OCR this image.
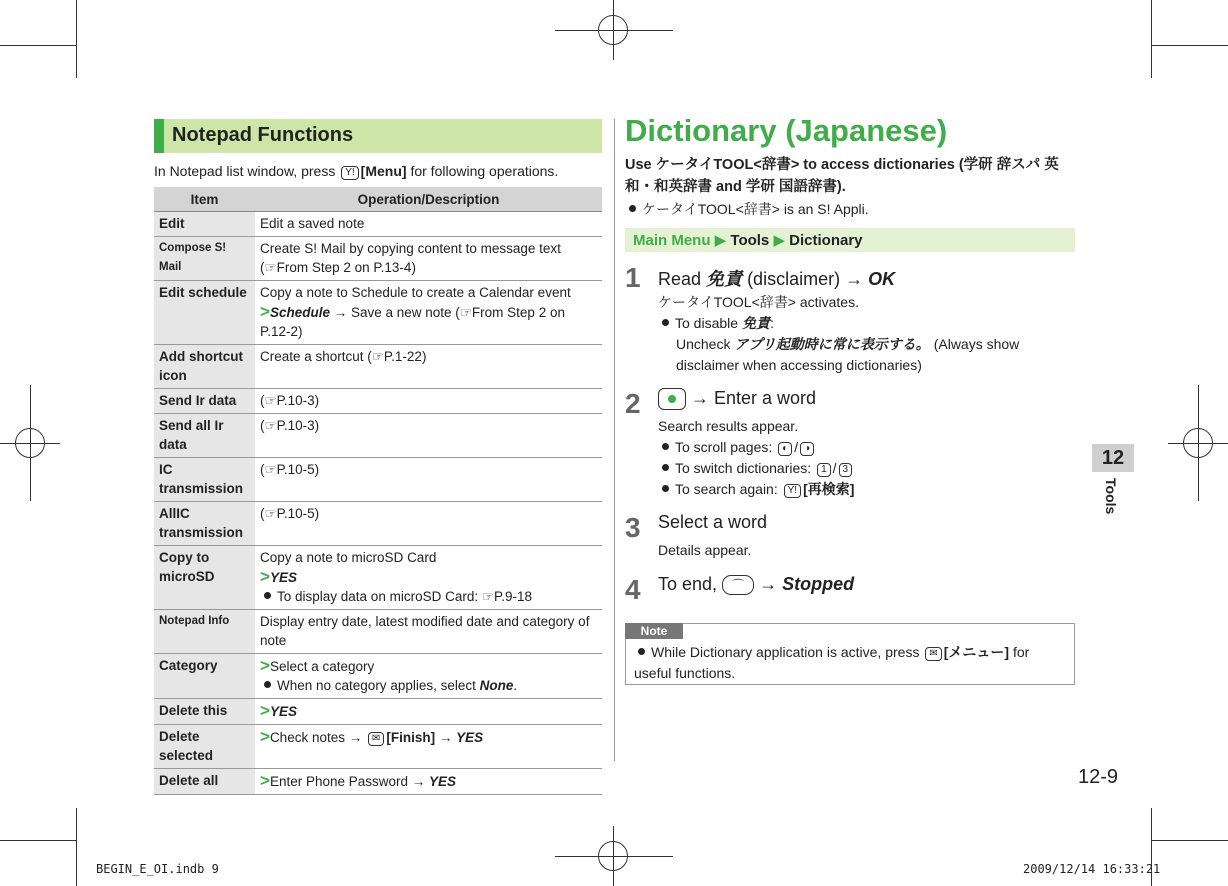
Notepad Functions
In Notepad list window, press Y! [Menu] for following operations.
Item	Operation/Description
Edit	Edit a saved note
Compose S! Mail	Create S! Mail by copying content to message text
(☞From Step 2 on P.13-4)
Edit schedule	Copy a note to Schedule to create a Calendar event
>Schedule → Save a new note (☞From Step 2 on P.12-2)
Add shortcut icon	Create a shortcut (☞P.1-22)
Send Ir data	(☞P.10-3)
Send all Ir data	(☞P.10-3)
IC transmission	(☞P.10-5)
AllIC transmission	(☞P.10-5)
Copy to microSD	Copy a note to microSD Card
>YES
To display data on microSD Card: ☞P.9-18
Notepad Info	Display entry date, latest modified date and category of note
Category	>Select a category
When no category applies, select None.
Delete this	>YES
Delete selected	>Check notes → ✉ [Finish] → YES
Delete all	>Enter Phone Password → YES
Dictionary (Japanese)
Use ケータイTOOL<辞書> to access dictionaries (学研 辞スパ 英和・和英辞書 and 学研 国語辞書).
ケータイTOOL<辞書> is an S! Appli.
Main Menu ▶ Tools ▶ Dictionary
1 Read 免責 (disclaimer) → OK
ケータイTOOL<辞書> activates.
To disable 免責:
Uncheck アプリ起動時に常に表示する。 (Always show
disclaimer when accessing dictionaries)
2	→ Enter a word
Search results appear.
To scroll pages: ◐ / ◑
To switch dictionaries: 1 / 3
To search again: Y! [再検索]
3 Select a word
Details appear.
4 To end, ⌒ → Stopped
Note
While Dictionary application is active, press ✉ [メニュー] for useful functions.
12
Tools
12-9
BEGIN_E_OI.indb 9	2009/12/14 16:33:21
